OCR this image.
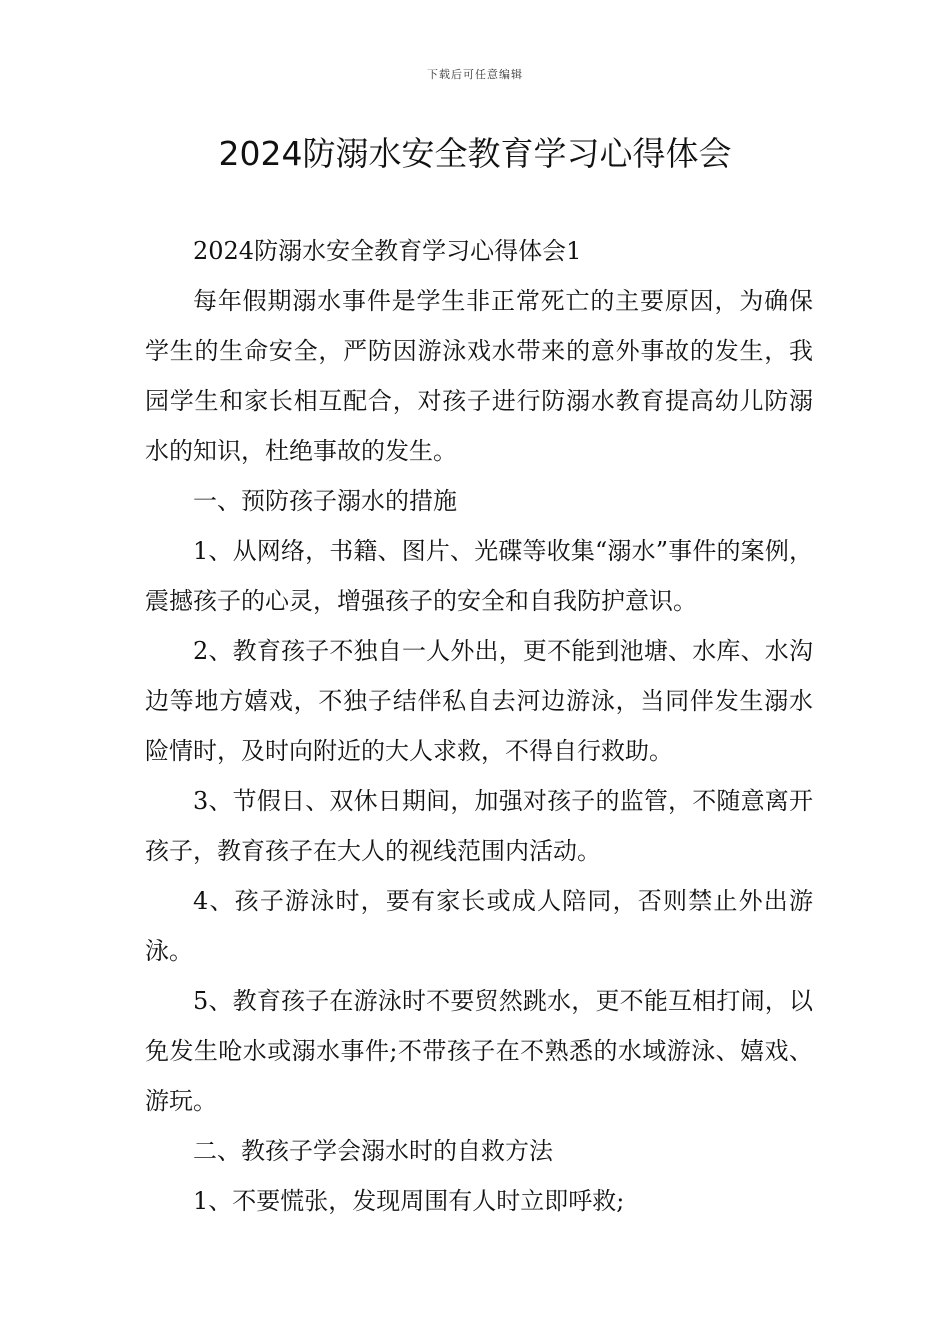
下载后可任意编辑
2024防溺水安全教育学习心得体会

2024防溺水安全教育学习心得体会1

每年假期溺水事件是学生非正常死亡的主要原因，为确保学生的生命安全，严防因游泳戏水带来的意外事故的发生，我园学生和家长相互配合，对孩子进行防溺水教育提高幼儿防溺水的知识，杜绝事故的发生。

一、预防孩子溺水的措施

1、从网络，书籍、图片、光碟等收集“溺水”事件的案例，震撼孩子的心灵，增强孩子的安全和自我防护意识。

2、教育孩子不独自一人外出，更不能到池塘、水库、水沟边等地方嬉戏，不独子结伴私自去河边游泳，当同伴发生溺水险情时，及时向附近的大人求救，不得自行救助。

3、节假日、双休日期间，加强对孩子的监管，不随意离开孩子，教育孩子在大人的视线范围内活动。

4、孩子游泳时，要有家长或成人陪同，否则禁止外出游泳。

5、教育孩子在游泳时不要贸然跳水，更不能互相打闹，以免发生呛水或溺水事件;不带孩子在不熟悉的水域游泳、嬉戏、游玩。

二、教孩子学会溺水时的自救方法

1、不要慌张，发现周围有人时立即呼救;
